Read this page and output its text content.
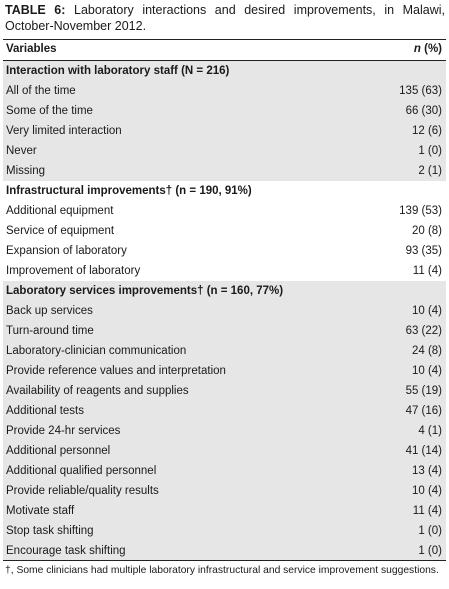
TABLE 6: Laboratory interactions and desired improvements, in Malawi, October-November 2012.
Variables	n (%)
Interaction with laboratory staff (N = 216)
All of the time	135 (63)
Some of the time	66 (30)
Very limited interaction	12 (6)
Never	1 (0)
Missing	2 (1)
Infrastructural improvements† (n = 190, 91%)
Additional equipment	139 (53)
Service of equipment	20 (8)
Expansion of laboratory	93 (35)
Improvement of laboratory	11 (4)
Laboratory services improvements† (n = 160, 77%)
Back up services	10 (4)
Turn-around time	63 (22)
Laboratory-clinician communication	24 (8)
Provide reference values and interpretation	10 (4)
Availability of reagents and supplies	55 (19)
Additional tests	47 (16)
Provide 24-hr services	4 (1)
Additional personnel	41 (14)
Additional qualified personnel	13 (4)
Provide reliable/quality results	10 (4)
Motivate staff	11 (4)
Stop task shifting	1 (0)
Encourage task shifting	1 (0)
†, Some clinicians had multiple laboratory infrastructural and service improvement suggestions.
